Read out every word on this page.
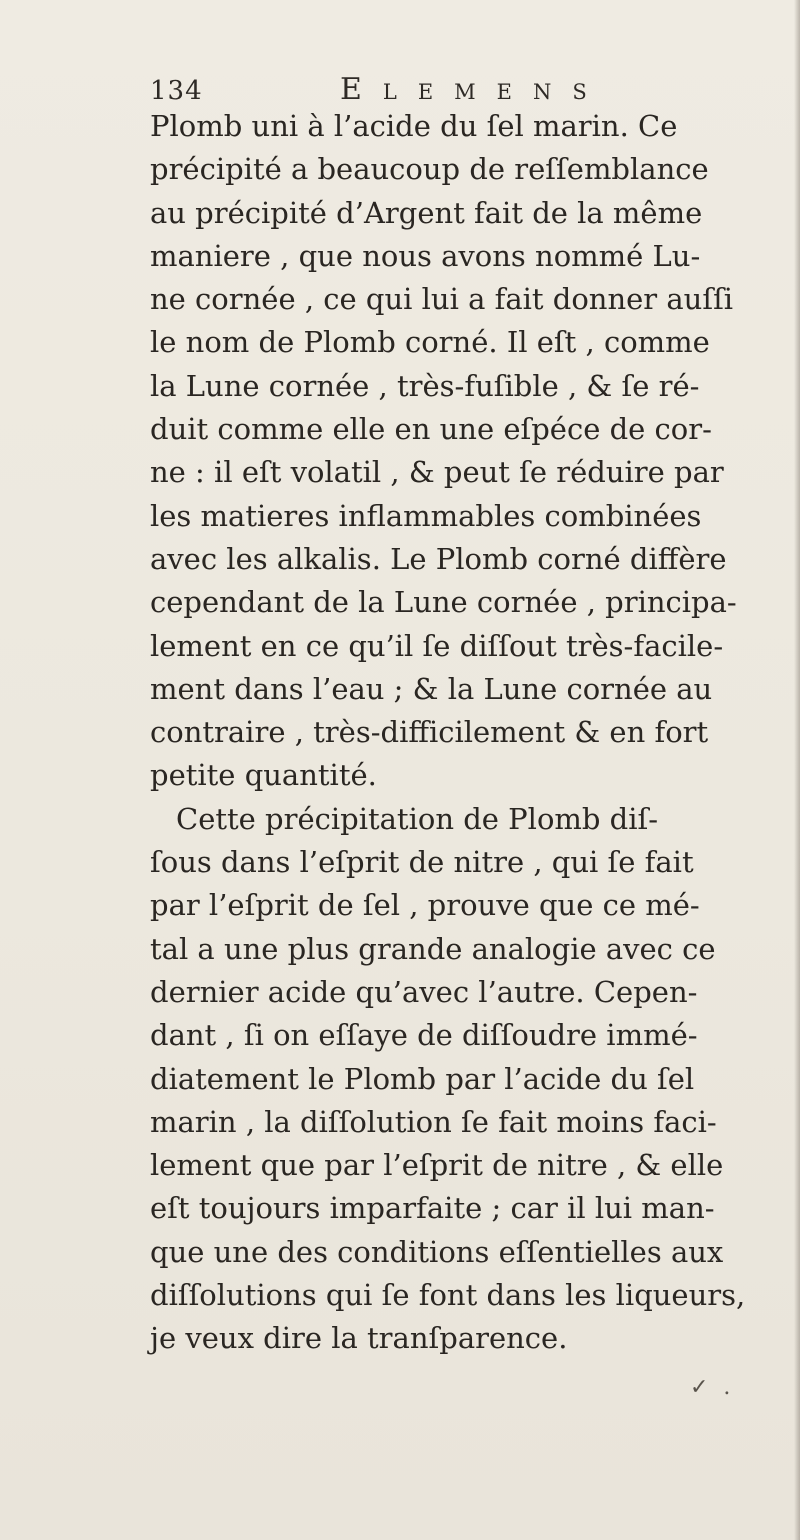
134	Elemens
Plomb uni à l’acide du ſel marin. Ce
précipité a beaucoup de reſſemblance
au précipité d’Argent fait de la même
maniere , que nous avons nommé Lu-
ne cornée , ce qui lui a fait donner auſſi
le nom de Plomb corné. Il eſt , comme
la Lune cornée , très-fuſible , & ſe ré-
duit comme elle en une eſpéce de cor-
ne : il eſt volatil , & peut ſe réduire par
les matieres inflammables combinées
avec les alkalis. Le Plomb corné diffère
cependant de la Lune cornée , principa-
lement en ce qu’il ſe diſſout très-facile-
ment dans l’eau ; & la Lune cornée au
contraire , très-difficilement & en fort
petite quantité.
Cette précipitation de Plomb diſ-
ſous dans l’eſprit de nitre , qui ſe fait
par l’eſprit de ſel , prouve que ce mé-
tal a une plus grande analogie avec ce
dernier acide qu’avec l’autre. Cepen-
dant , ſi on eſſaye de diſſoudre immé-
diatement le Plomb par l’acide du ſel
marin , la diſſolution ſe fait moins faci-
lement que par l’eſprit de nitre , & elle
eſt toujours imparfaite ; car il lui man-
que une des conditions eſſentielles aux
diſſolutions qui ſe font dans les liqueurs,
je veux dire la tranſparence.
✓ .
